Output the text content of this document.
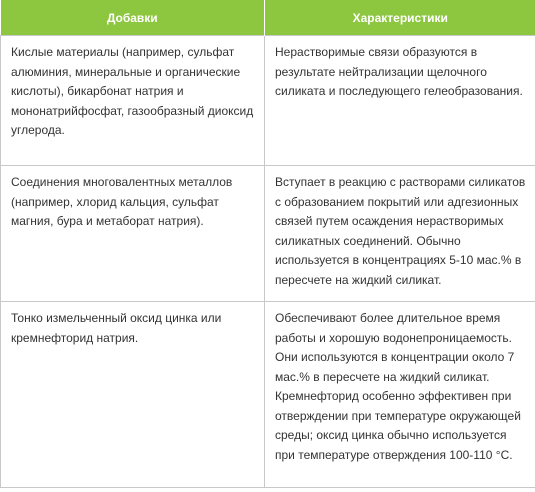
Добавки	Характеристики
Кислые материалы (например, сульфат алюминия, минеральные и органические кислоты), бикарбонат натрия и мононатрийфосфат, газообразный диоксид углерода.	Нерастворимые связи образуются в результате нейтрализации щелочного силиката и последующего гелеобразования.
Соединения многовалентных металлов (например, хлорид кальция, сульфат магния, бура и метаборат натрия).	Вступает в реакцию с растворами силикатов с образованием покрытий или адгезионных связей путем осаждения нерастворимых силикатных соединений. Обычно используется в концентрациях 5-10 мас.% в пересчете на жидкий силикат.
Тонко измельченный оксид цинка или кремнефторид натрия.	Обеспечивают более длительное время работы и хорошую водонепроницаемость. Они используются в концентрации около 7 мас.% в пересчете на жидкий силикат. Кремнефторид особенно эффективен при отверждении при температуре окружающей среды; оксид цинка обычно используется при температуре отверждения 100-110 °C.
